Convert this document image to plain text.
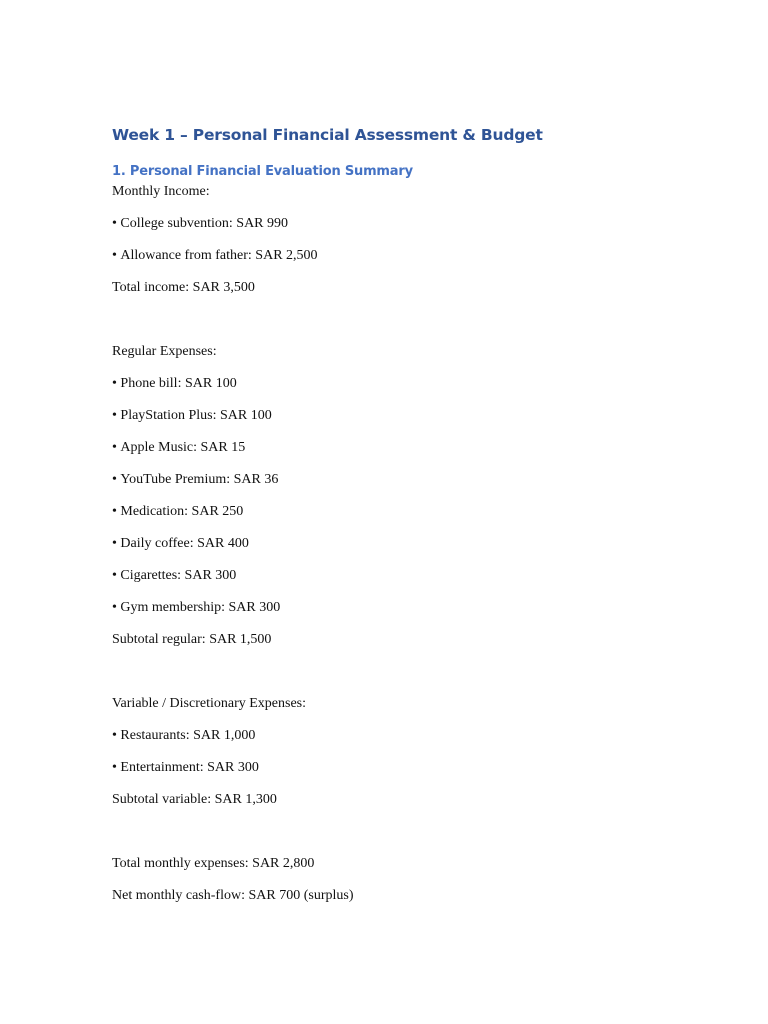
Week 1 – Personal Financial Assessment & Budget
1. Personal Financial Evaluation Summary

Monthly Income:

• College subvention: SAR 990

• Allowance from father: SAR 2,500

Total income: SAR 3,500

Regular Expenses:

• Phone bill: SAR 100

• PlayStation Plus: SAR 100

• Apple Music: SAR 15

• YouTube Premium: SAR 36

• Medication: SAR 250

• Daily coffee: SAR 400

• Cigarettes: SAR 300

• Gym membership: SAR 300

Subtotal regular: SAR 1,500

Variable / Discretionary Expenses:

• Restaurants: SAR 1,000

• Entertainment: SAR 300

Subtotal variable: SAR 1,300

Total monthly expenses: SAR 2,800

Net monthly cash-flow: SAR 700 (surplus)
